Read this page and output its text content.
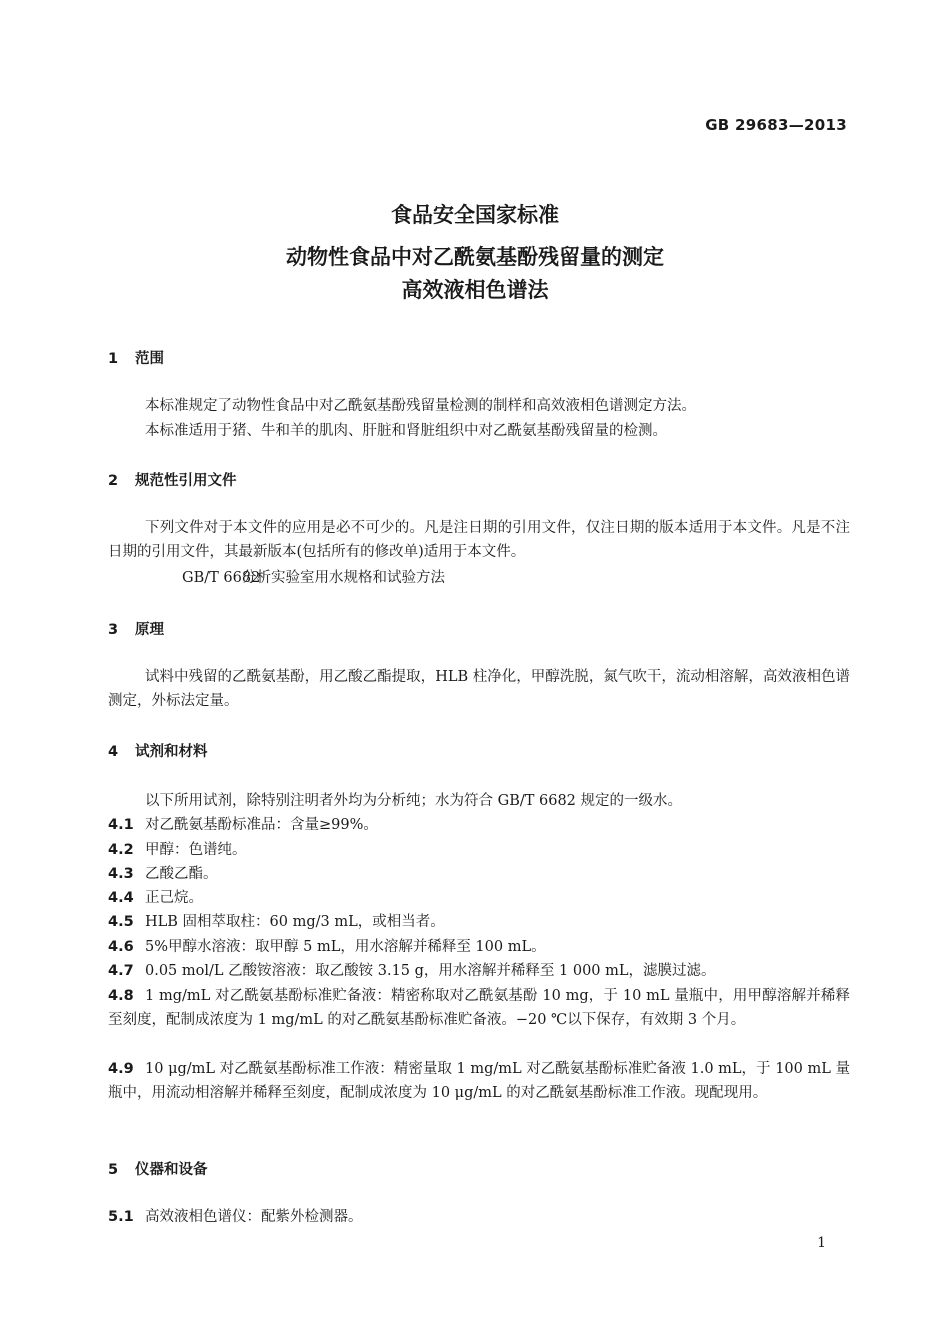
GB 29683—2013
食品安全国家标准
动物性食品中对乙酰氨基酚残留量的测定
高效液相色谱法
1 范围
本标准规定了动物性食品中对乙酰氨基酚残留量检测的制样和高效液相色谱测定方法。
本标准适用于猪、牛和羊的肌肉、肝脏和肾脏组织中对乙酰氨基酚残留量的检测。
2 规范性引用文件
下列文件对于本文件的应用是必不可少的。凡是注日期的引用文件，仅注日期的版本适用于本文件。凡是不注日期的引用文件，其最新版本(包括所有的修改单)适用于本文件。
GB/T 6682分析实验室用水规格和试验方法
3 原理
试料中残留的乙酰氨基酚，用乙酸乙酯提取，HLB 柱净化，甲醇洗脱，氮气吹干，流动相溶解，高效液相色谱测定，外标法定量。
4 试剂和材料
以下所用试剂，除特别注明者外均为分析纯；水为符合 GB/T 6682 规定的一级水。
4.1 对乙酰氨基酚标准品：含量≥99%。
4.2 甲醇：色谱纯。
4.3 乙酸乙酯。
4.4 正己烷。
4.5 HLB 固相萃取柱：60 mg/3 mL，或相当者。
4.6 5%甲醇水溶液：取甲醇 5 mL，用水溶解并稀释至 100 mL。
4.7 0.05 mol/L 乙酸铵溶液：取乙酸铵 3.15 g，用水溶解并稀释至 1 000 mL，滤膜过滤。
4.8 1 mg/mL 对乙酰氨基酚标准贮备液：精密称取对乙酰氨基酚 10 mg，于 10 mL 量瓶中，用甲醇溶解并稀释至刻度，配制成浓度为 1 mg/mL 的对乙酰氨基酚标准贮备液。−20 ℃以下保存，有效期 3 个月。
4.9 10 μg/mL 对乙酰氨基酚标准工作液：精密量取 1 mg/mL 对乙酰氨基酚标准贮备液 1.0 mL，于 100 mL 量瓶中，用流动相溶解并稀释至刻度，配制成浓度为 10 μg/mL 的对乙酰氨基酚标准工作液。现配现用。
5 仪器和设备
5.1 高效液相色谱仪：配紫外检测器。
1
